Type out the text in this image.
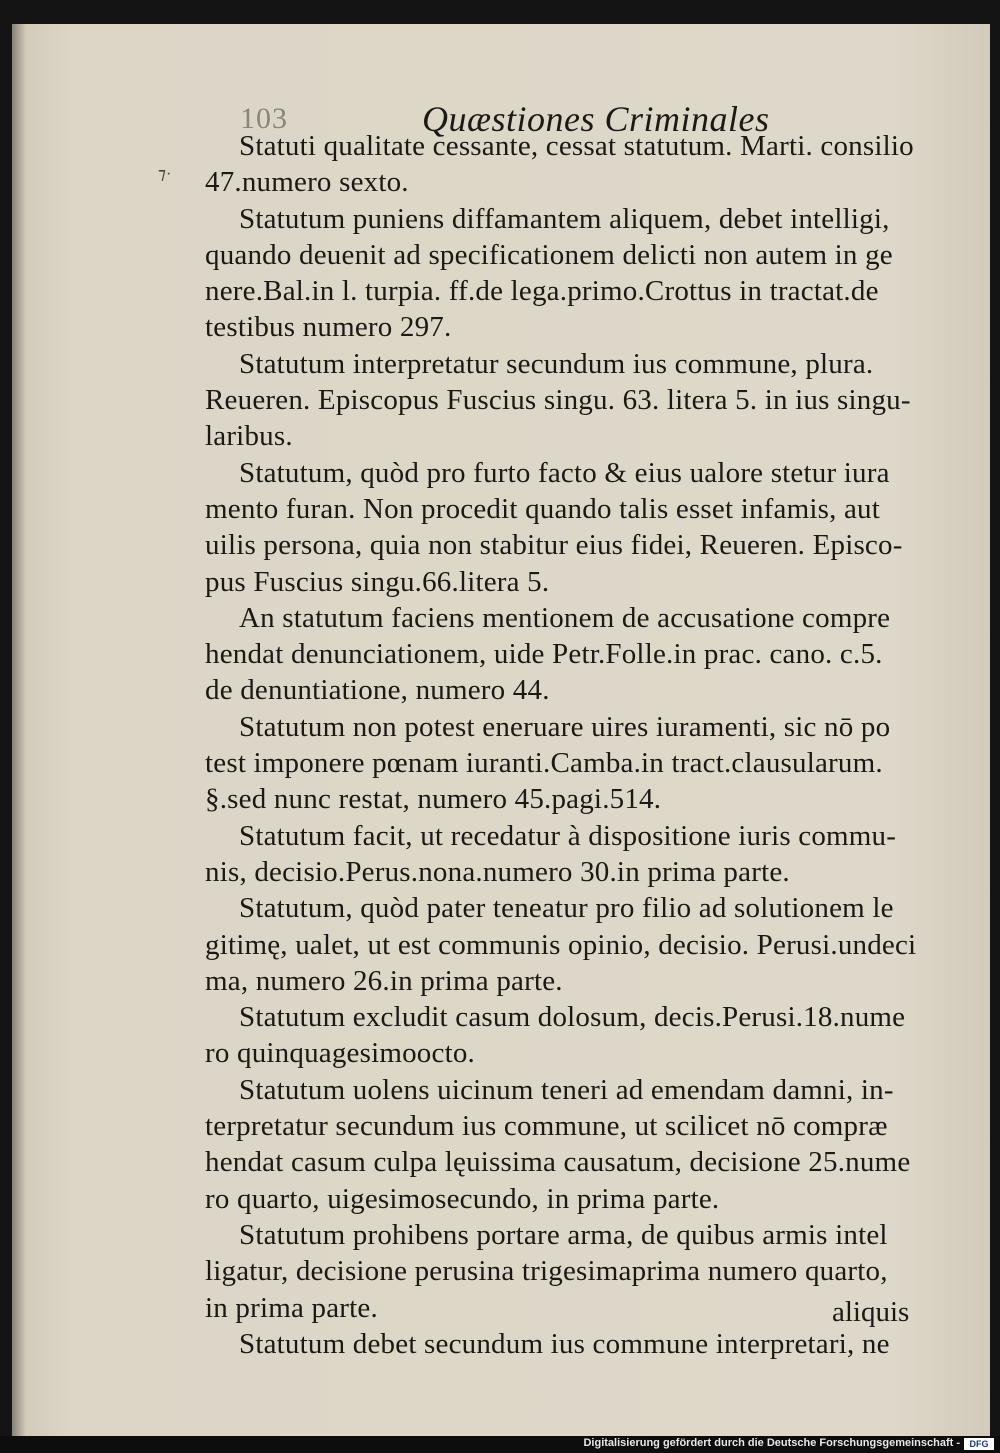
103	Quæstiones Criminales
⁊·
Statuti qualitate cessante, cessat statutum. Marti. consilio
47.numero sexto.
Statutum puniens diffamantem aliquem, debet intelligi,
quando deuenit ad specificationem delicti non autem in ge
nere.Bal.in l. turpia. ff.de lega.primo.Crottus in tractat.de
testibus numero 297.
Statutum interpretatur secundum ius commune, plura.
Reueren. Episcopus Fuscius singu. 63. litera 5. in ius singu-
laribus.
Statutum, quòd pro furto facto & eius ualore stetur iura
mento furan. Non procedit quando talis esset infamis, aut
uilis persona, quia non stabitur eius fidei, Reueren. Episco-
pus Fuscius singu.66.litera 5.
An statutum faciens mentionem de accusatione compre
hendat denunciationem, uide Petr.Folle.in prac. cano. c.5.
de denuntiatione, numero 44.
Statutum non potest eneruare uires iuramenti, sic nō po
test imponere pœnam iuranti.Camba.in tract.clausularum.
§.sed nunc restat, numero 45.pagi.514.
Statutum facit, ut recedatur à dispositione iuris commu-
nis, decisio.Perus.nona.numero 30.in prima parte.
Statutum, quòd pater teneatur pro filio ad solutionem le
gitimę, ualet, ut est communis opinio, decisio. Perusi.undeci
ma, numero 26.in prima parte.
Statutum excludit casum dolosum, decis.Perusi.18.nume
ro quinquagesimoocto.
Statutum uolens uicinum teneri ad emendam damni, in-
terpretatur secundum ius commune, ut scilicet nō compræ
hendat casum culpa lęuissima causatum, decisione 25.nume
ro quarto, uigesimosecundo, in prima parte.
Statutum prohibens portare arma, de quibus armis intel
ligatur, decisione perusina trigesimaprima numero quarto,
in prima parte.
Statutum debet secundum ius commune interpretari, ne
aliquis
Digitalisierung gefördert durch die Deutsche Forschungsgemeinschaft -	DFG
